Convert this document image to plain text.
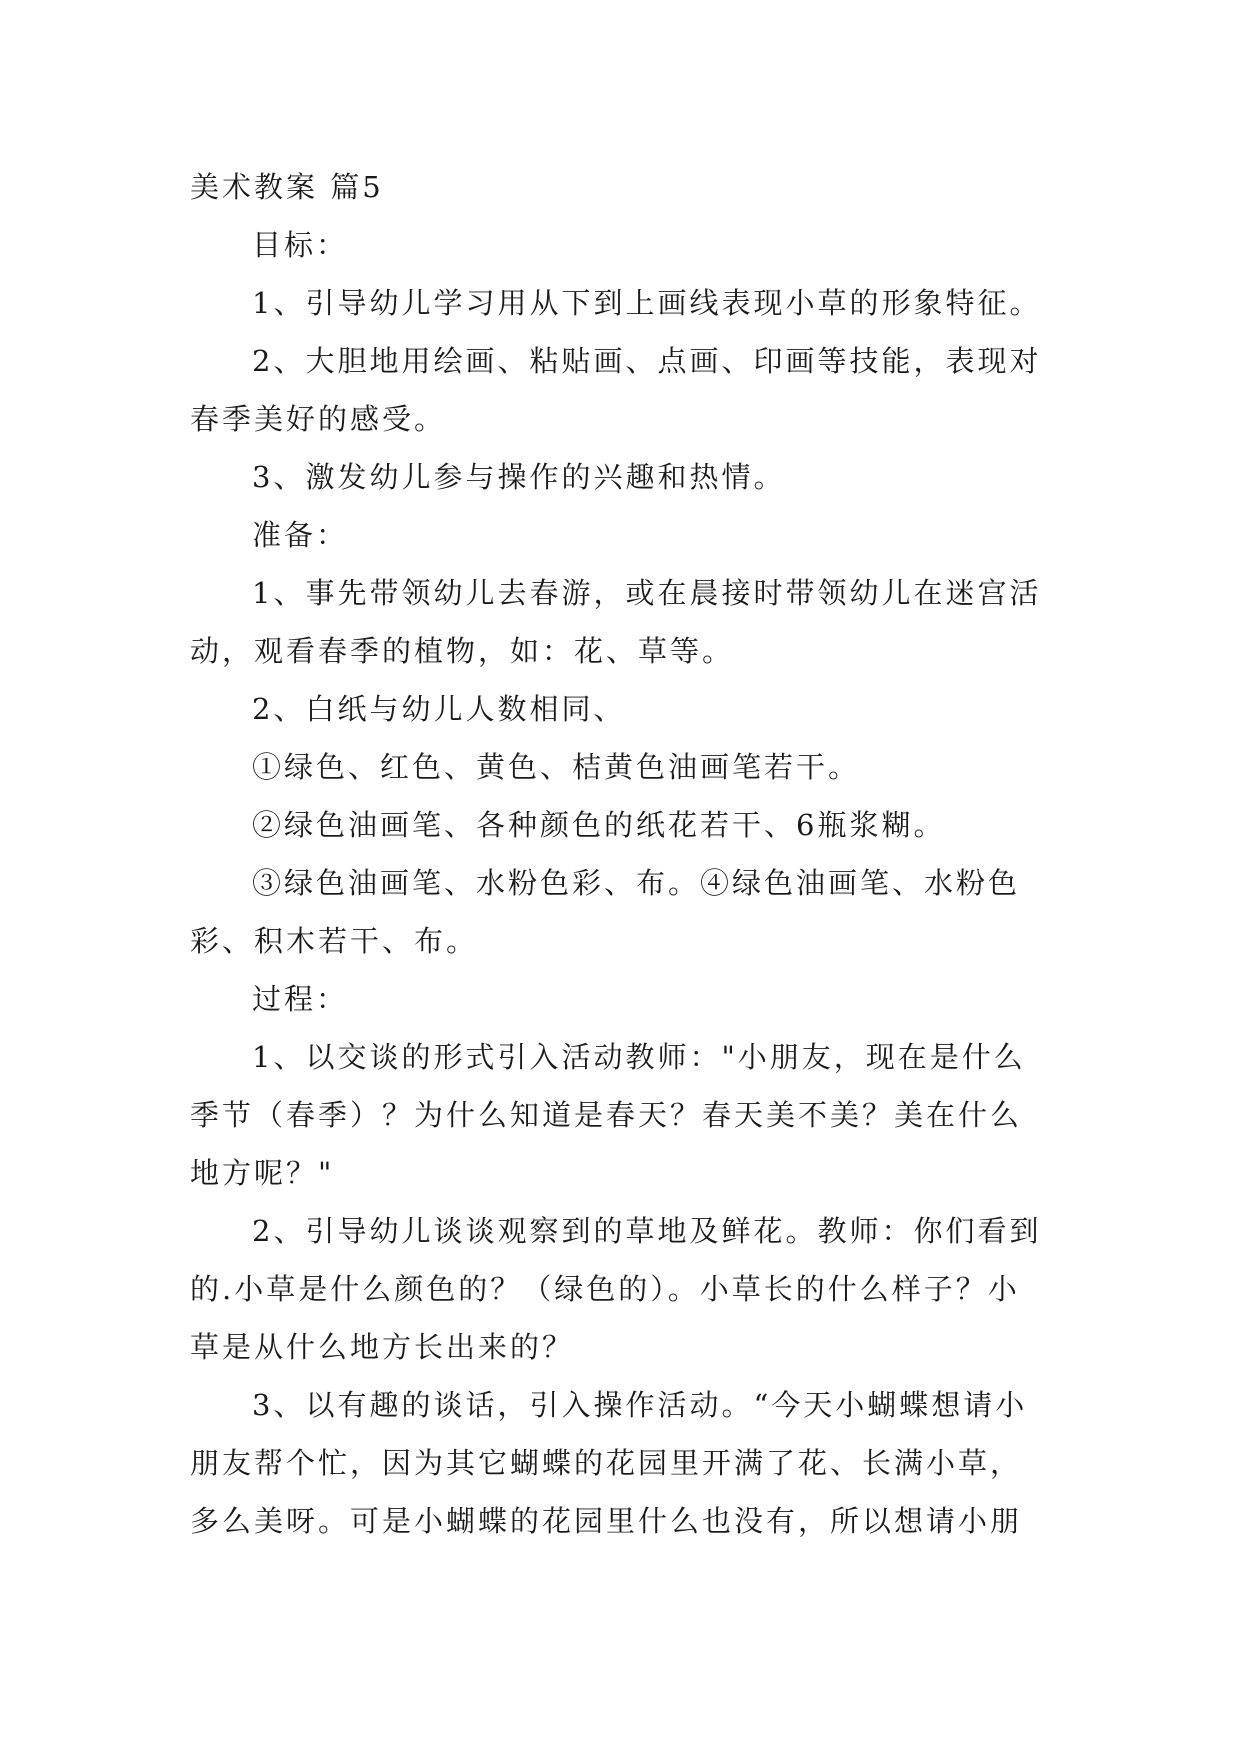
美术教案 篇5

目标：

1、引导幼儿学习用从下到上画线表现小草的形象特征。

2、大胆地用绘画、粘贴画、点画、印画等技能，表现对春季美好的感受。

3、激发幼儿参与操作的兴趣和热情。

准备：

1、事先带领幼儿去春游，或在晨接时带领幼儿在迷宫活动，观看春季的植物，如：花、草等。

2、白纸与幼儿人数相同、

①绿色、红色、黄色、桔黄色油画笔若干。

②绿色油画笔、各种颜色的纸花若干、6瓶浆糊。

③绿色油画笔、水粉色彩、布。④绿色油画笔、水粉色彩、积木若干、布。

过程：

1、以交谈的形式引入活动教师："小朋友，现在是什么季节（春季）？为什么知道是春天？春天美不美？美在什么地方呢？"

2、引导幼儿谈谈观察到的草地及鲜花。教师：你们看到的.小草是什么颜色的？（绿色的）。小草长的什么样子？小草是从什么地方长出来的？

3、以有趣的谈话，引入操作活动。“今天小蝴蝶想请小朋友帮个忙，因为其它蝴蝶的花园里开满了花、长满小草，多么美呀。可是小蝴蝶的花园里什么也没有，所以想请小朋
